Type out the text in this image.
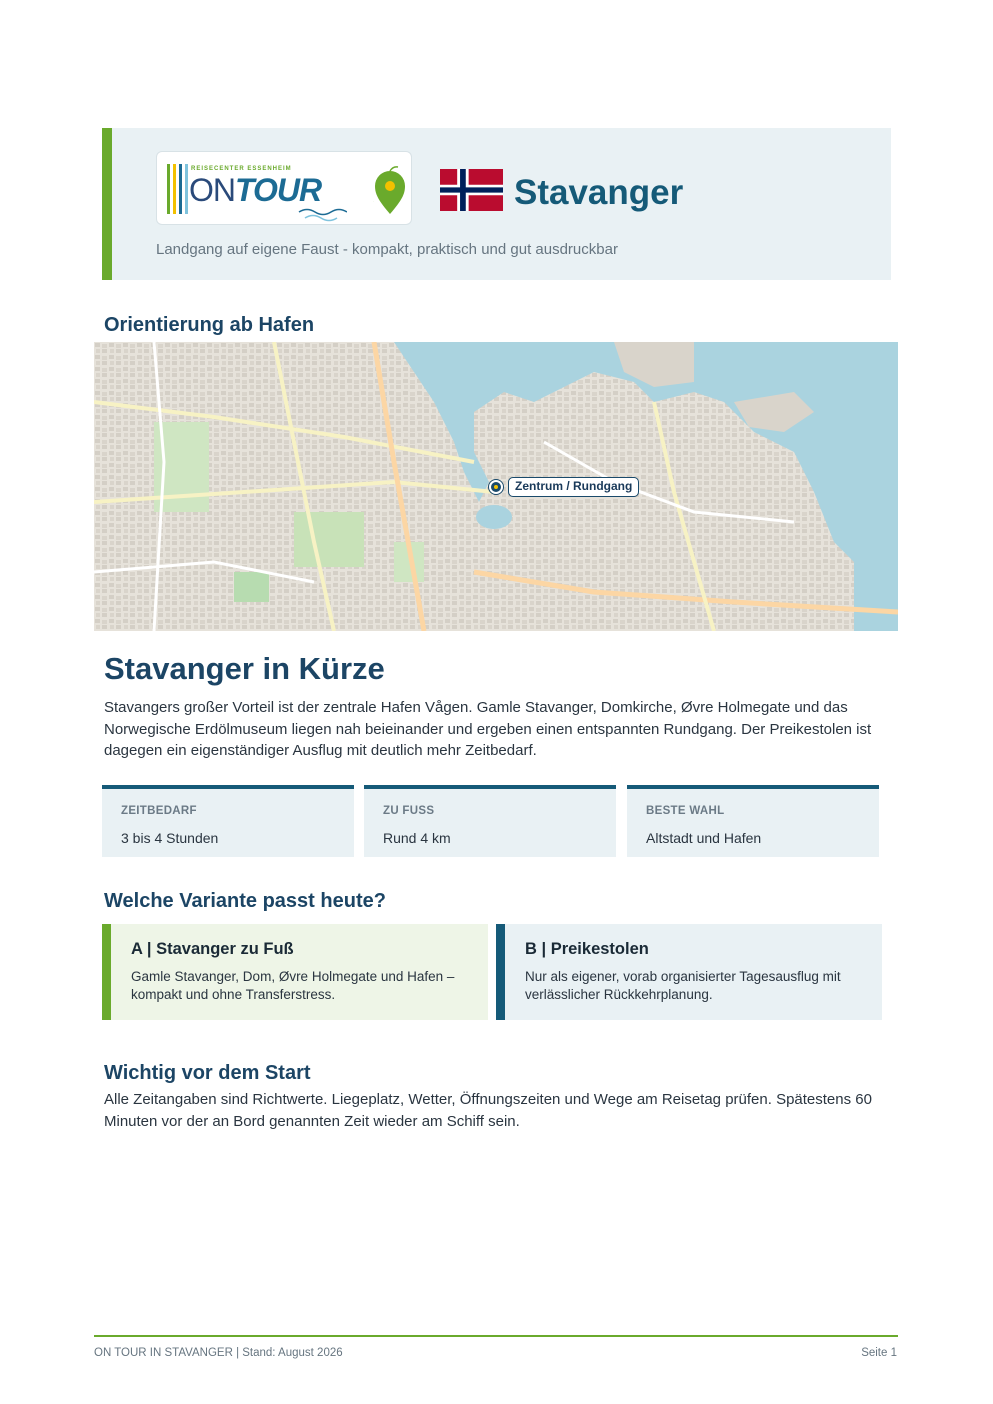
REISECENTER ESSENHEIM
ONTOUR	Stavanger
Landgang auf eigene Faust - kompakt, praktisch und gut ausdruckbar
Orientierung ab Hafen
Zentrum / Rundgang
Stavanger in Kürze
Stavangers großer Vorteil ist der zentrale Hafen Vågen. Gamle Stavanger, Domkirche, Øvre Holmegate und das Norwegische Erdölmuseum liegen nah beieinander und ergeben einen entspannten Rundgang. Der Preikestolen ist dagegen ein eigenständiger Ausflug mit deutlich mehr Zeitbedarf.
ZEITBEDARF
3 bis 4 Stunden
ZU FUSS
Rund 4 km
BESTE WAHL
Altstadt und Hafen
Welche Variante passt heute?
A | Stavanger zu Fuß
Gamle Stavanger, Dom, Øvre Holmegate und Hafen – kompakt und ohne Transferstress.
B | Preikestolen
Nur als eigener, vorab organisierter Tagesausflug mit verlässlicher Rückkehrplanung.
Wichtig vor dem Start
Alle Zeitangaben sind Richtwerte. Liegeplatz, Wetter, Öffnungszeiten und Wege am Reisetag prüfen. Spätestens 60 Minuten vor der an Bord genannten Zeit wieder am Schiff sein.
ON TOUR IN STAVANGER | Stand: August 2026	Seite 1
